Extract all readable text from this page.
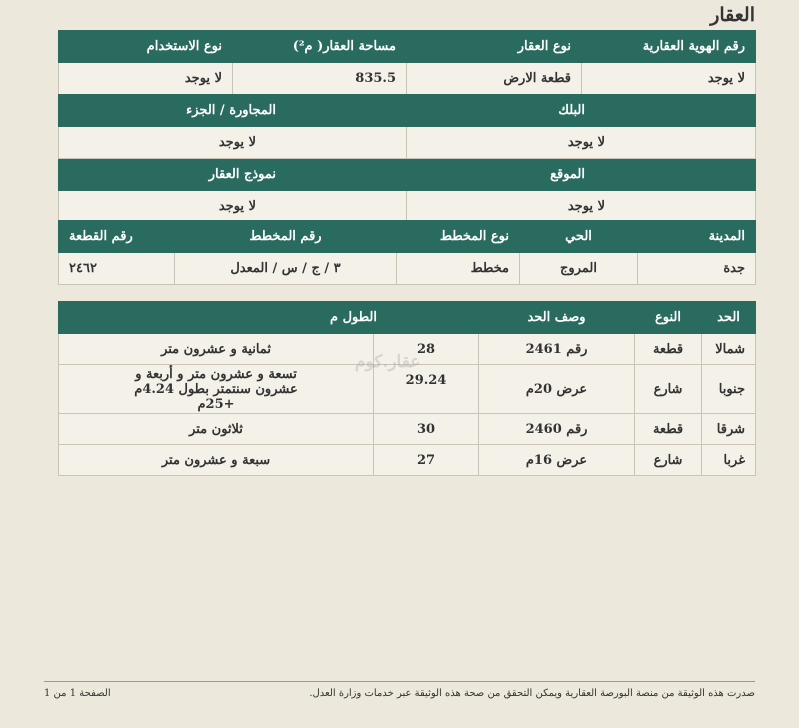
العقار
رقم الهوية العقارية	نوع العقار	مساحة العقار( م²)	نوع الاستخدام
لا يوجد	قطعة الارض	835.5	لا يوجد
البلك	المجاورة / الجزء
لا يوجد	لا يوجد
الموقع	نموذج العقار
لا يوجد	لا يوجد
المدينة	الحي	نوع المخطط	رقم المخطط	رقم القطعة
جدة	المروج	مخطط	٣ / ج / س / المعدل	٢٤٦٢
الحد	النوع	وصف الحد	الطول م	
شمالا	قطعة	رقم 2461	28	ثمانية و عشرون متر
جنوبا	شارع	عرض 20م	29.24	تسعة و عشرون متر و أربعة و عشرون سنتمتر بطول 4.24م +25م
شرقا	قطعة	رقم 2460	30	ثلاثون متر
غربا	شارع	عرض 16م	27	سبعة و عشرون متر
عقار.كوم
صدرت هذه الوثيقة من منصة البورصة العقارية ويمكن التحقق من صحة هذه الوثيقة عبر خدمات وزارة العدل.
الصفحة 1 من 1
